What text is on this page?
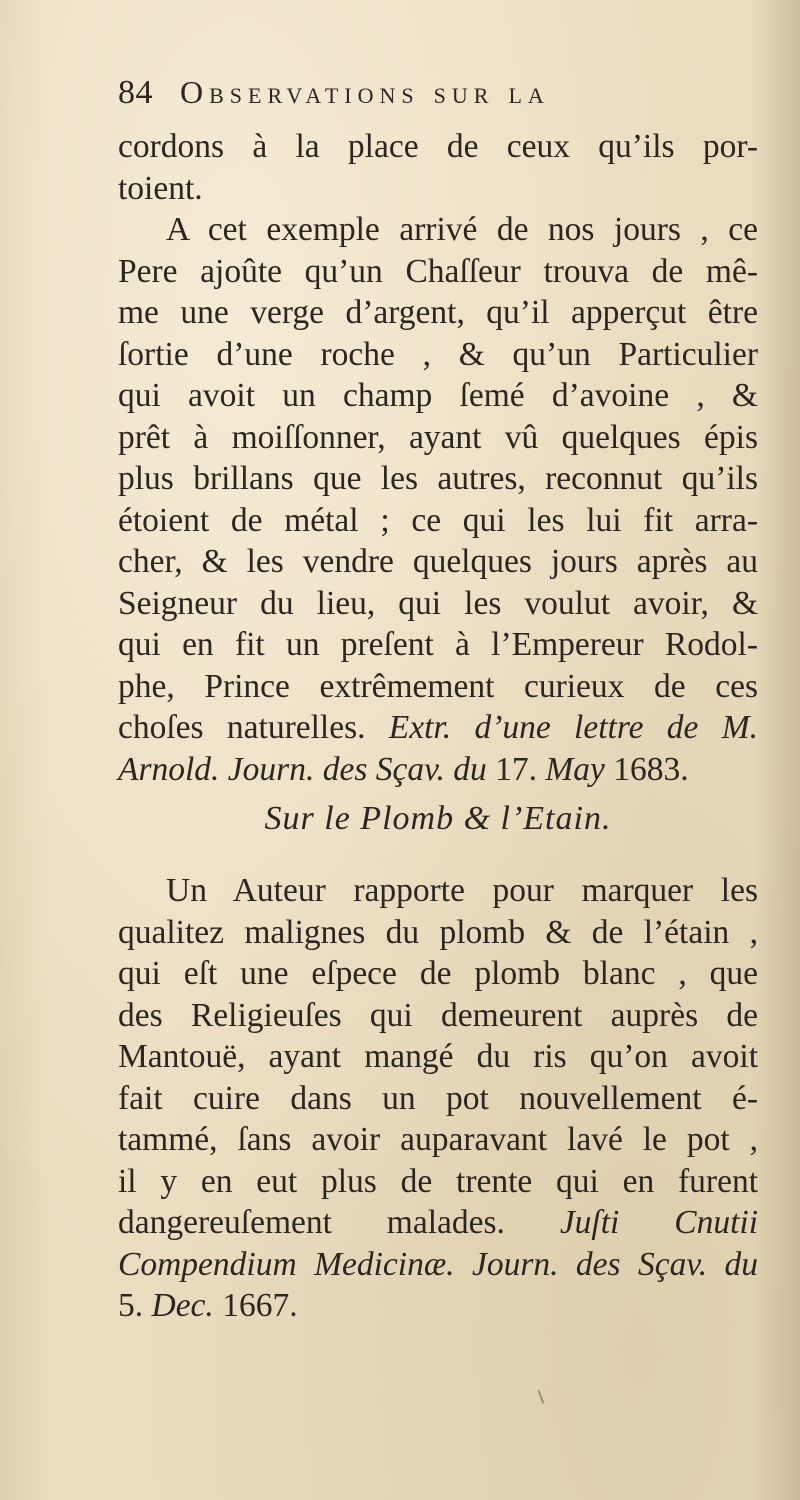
84 Observations sur la
cordons à la place de ceux qu’ils por-
toient.
A cet exemple arrivé de nos jours , ce
Pere ajoûte qu’un Chaſſeur trouva de mê-
me une verge d’argent, qu’il apperçut être
ſortie d’une roche , & qu’un Particulier
qui avoit un champ ſemé d’avoine , &
prêt à moiſſonner, ayant vû quelques épis
plus brillans que les autres, reconnut qu’ils
étoient de métal ; ce qui les lui fit arra-
cher, & les vendre quelques jours après au
Seigneur du lieu, qui les voulut avoir, &
qui en fit un preſent à l’Empereur Rodol-
phe, Prince extrêmement curieux de ces
choſes naturelles. Extr. d’une lettre de M.
Arnold. Journ. des Sçav. du 17. May 1683.
Sur le Plomb & l’Etain.
Un Auteur rapporte pour marquer les
qualitez malignes du plomb & de l’étain ,
qui eſt une eſpece de plomb blanc , que
des Religieuſes qui demeurent auprès de
Mantouë, ayant mangé du ris qu’on avoit
fait cuire dans un pot nouvellement é-
tammé, ſans avoir auparavant lavé le pot ,
il y en eut plus de trente qui en furent
dangereuſement malades. Juſti Cnutii
Compendium Medicinæ. Journ. des Sçav. du
5. Dec. 1667.
